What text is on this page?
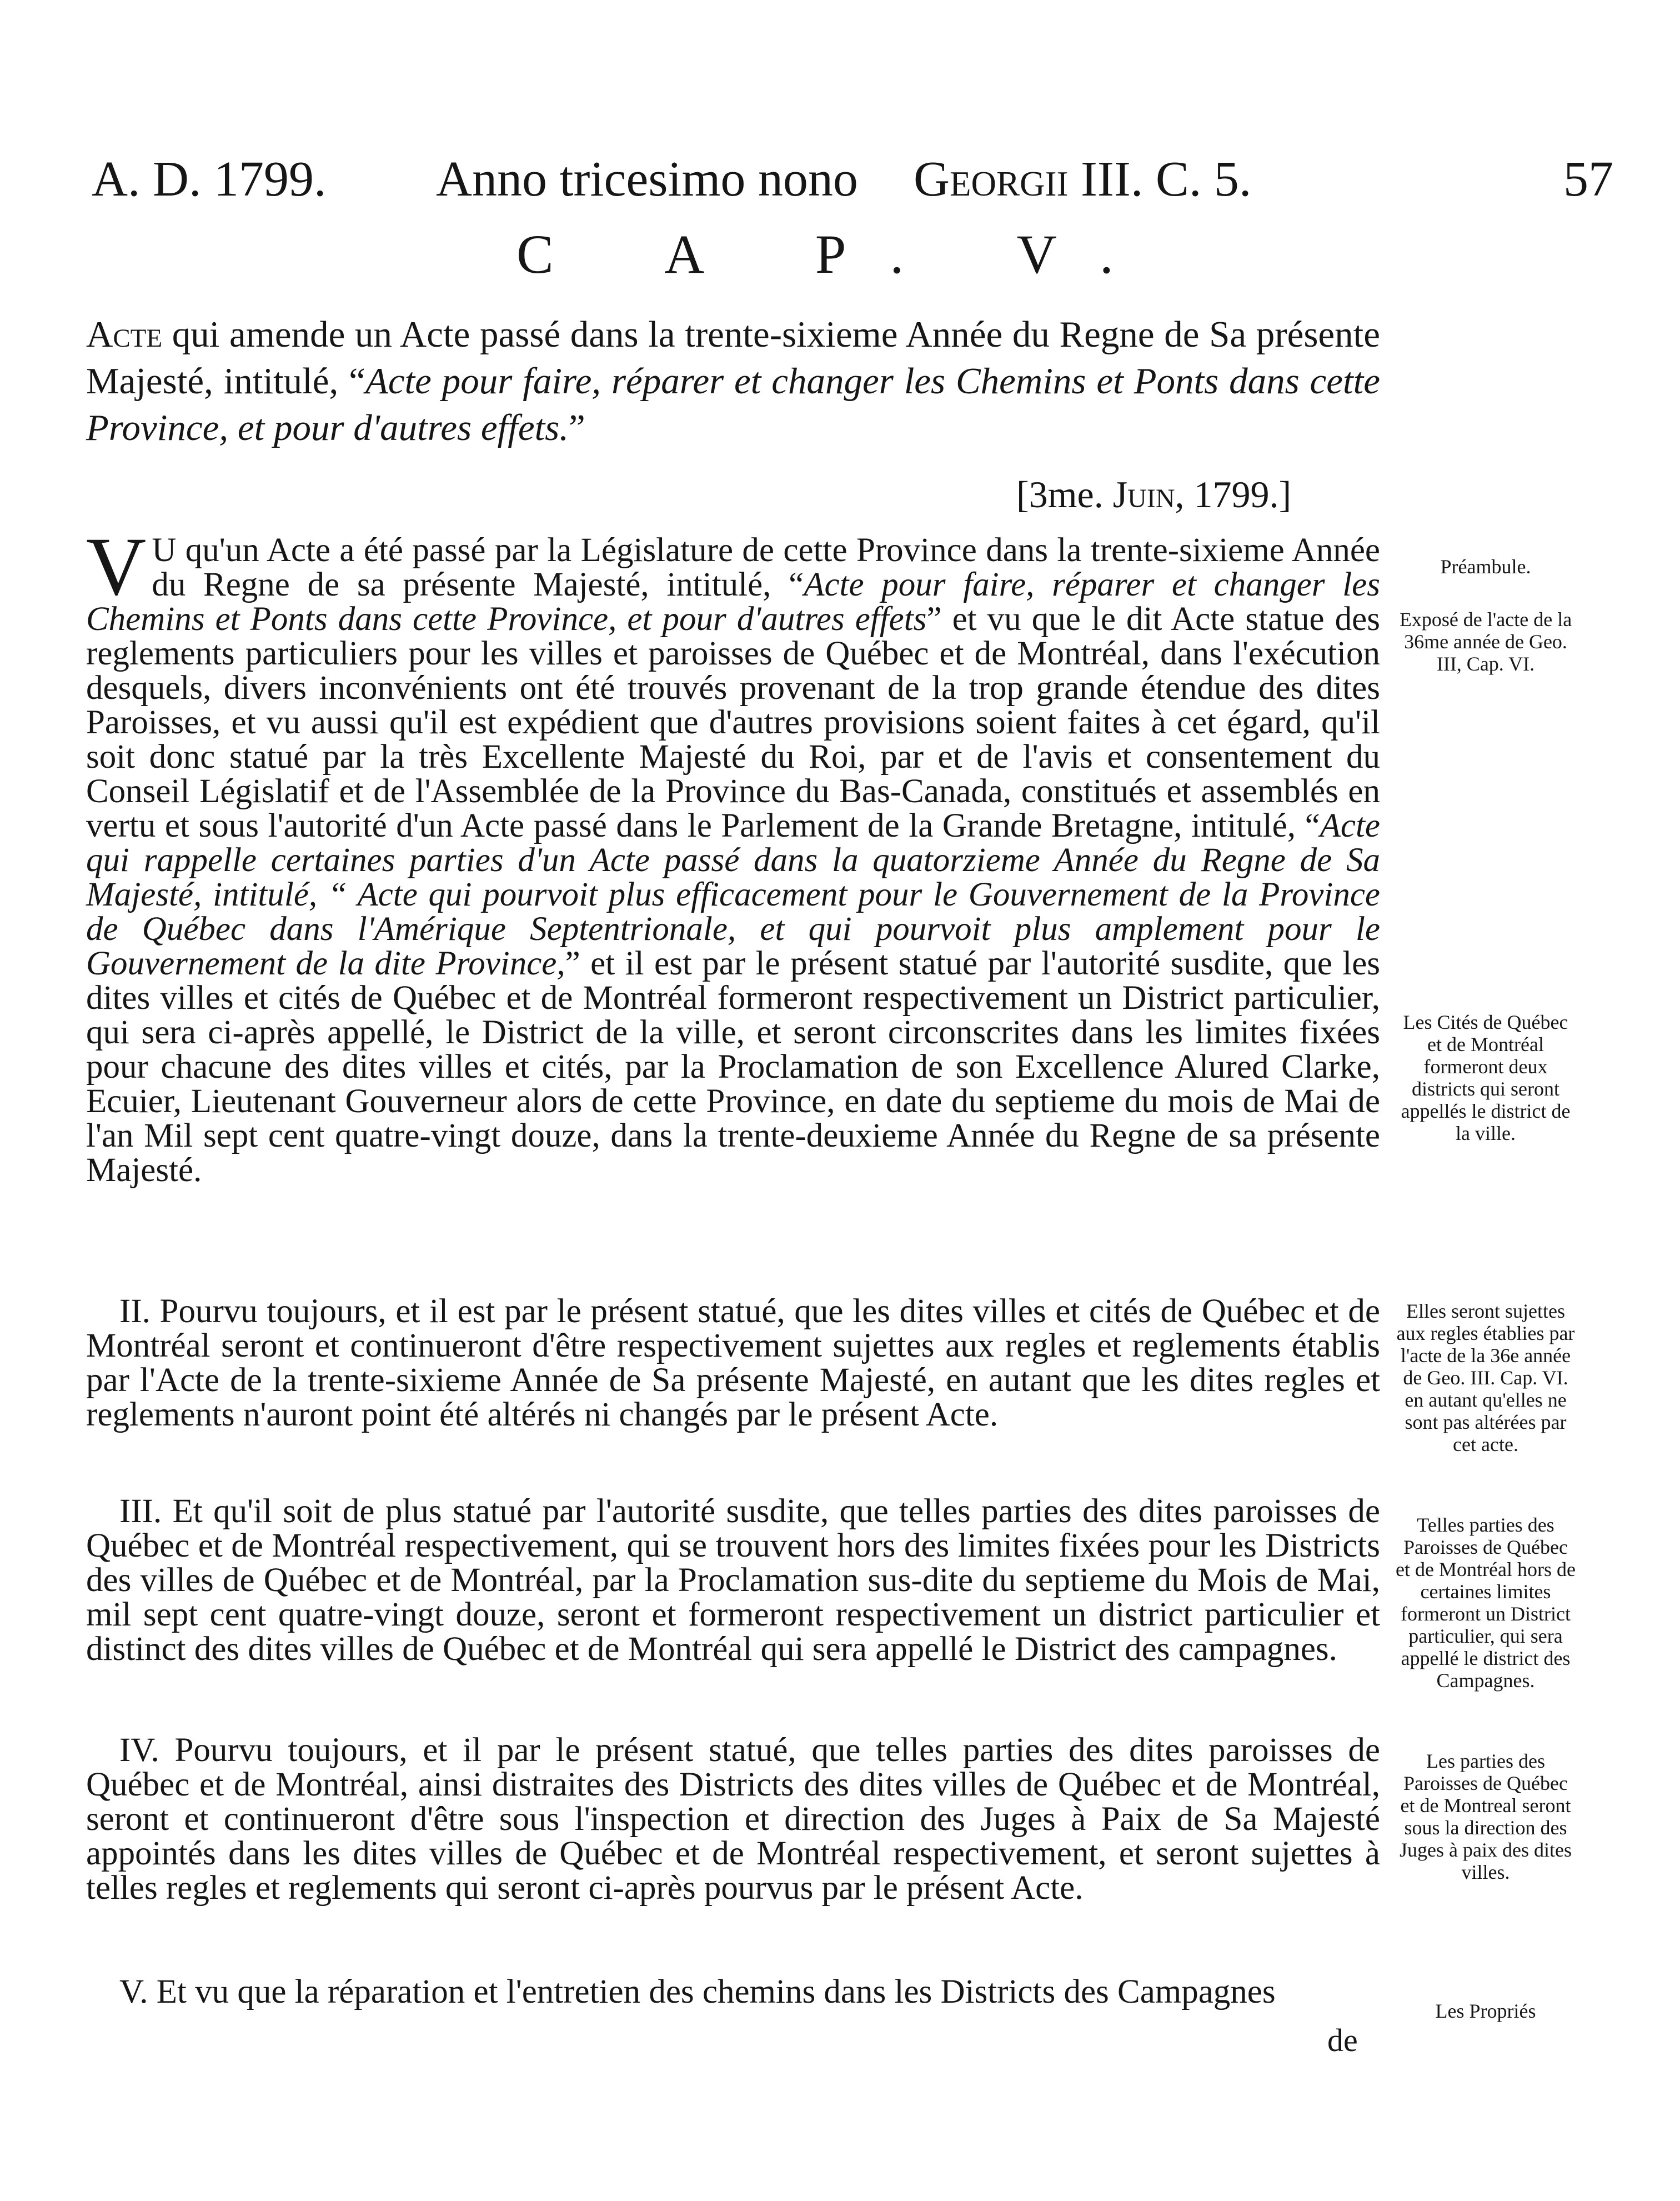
A. D. 1799. Anno tricesimo nono Georgii III. C. 5.	57
C A P. V.
Acte qui amende un Acte passé dans la trente-sixieme Année du Regne de Sa présente Majesté, intitulé, “Acte pour faire, réparer et changer les Chemins et Ponts dans cette Province, et pour d'autres effets.”
[3me. Juin, 1799.]
V U qu'un Acte a été passé par la Législature de cette Province dans la trente-sixieme Année du Regne de sa présente Majesté, intitulé, “Acte pour faire, réparer et changer les Chemins et Ponts dans cette Province, et pour d'autres effets” et vu que le dit Acte statue des reglements particuliers pour les villes et paroisses de Québec et de Montréal, dans l'exécution desquels, divers inconvénients ont été trouvés provenant de la trop grande étendue des dites Paroisses, et vu aussi qu'il est expédient que d'autres provisions soient faites à cet égard, qu'il soit donc statué par la très Excellente Majesté du Roi, par et de l'avis et consentement du Conseil Législatif et de l'Assemblée de la Province du Bas-Canada, constitués et assemblés en vertu et sous l'autorité d'un Acte passé dans le Parlement de la Grande Bretagne, intitulé, “Acte qui rappelle certaines parties d'un Acte passé dans la quatorzieme Année du Regne de Sa Majesté, intitulé, “ Acte qui pourvoit plus efficacement pour le Gouvernement de la Province de Québec dans l'Amérique Septentrionale, et qui pourvoit plus amplement pour le Gouvernement de la dite Province,” et il est par le présent statué par l'autorité susdite, que les dites villes et cités de Québec et de Montréal formeront respectivement un District particulier, qui sera ci-après appellé, le District de la ville, et seront circonscrites dans les limites fixées pour chacune des dites villes et cités, par la Proclamation de son Excellence Alured Clarke, Ecuier, Lieutenant Gouverneur alors de cette Province, en date du septieme du mois de Mai de l'an Mil sept cent quatre-vingt douze, dans la trente-deuxieme Année du Regne de sa présente Majesté.
II. Pourvu toujours, et il est par le présent statué, que les dites villes et cités de Québec et de Montréal seront et continueront d'être respectivement sujettes aux regles et reglements établis par l'Acte de la trente-sixieme Année de Sa présente Majesté, en autant que les dites regles et reglements n'auront point été altérés ni changés par le présent Acte.
III. Et qu'il soit de plus statué par l'autorité susdite, que telles parties des dites paroisses de Québec et de Montréal respectivement, qui se trouvent hors des limites fixées pour les Districts des villes de Québec et de Montréal, par la Proclamation sus-dite du septieme du Mois de Mai, mil sept cent quatre-vingt douze, seront et formeront respectivement un district particulier et distinct des dites villes de Québec et de Montréal qui sera appellé le District des campagnes.
IV. Pourvu toujours, et il par le présent statué, que telles parties des dites paroisses de Québec et de Montréal, ainsi distraites des Districts des dites villes de Québec et de Montréal, seront et continueront d'être sous l'inspection et direction des Juges à Paix de Sa Majesté appointés dans les dites villes de Québec et de Montréal respectivement, et seront sujettes à telles regles et reglements qui seront ci-après pourvus par le présent Acte.
V. Et vu que la réparation et l'entretien des chemins dans les Districts des Campagnes
de
Préambule.
Exposé de l'acte de la 36me année de Geo. III, Cap. VI.
Les Cités de Québec et de Montréal formeront deux districts qui seront appellés le district de la ville.
Elles seront sujettes aux regles établies par l'acte de la 36e année de Geo. III. Cap. VI. en autant qu'elles ne sont pas altérées par cet acte.
Telles parties des Paroisses de Québec et de Montréal hors de certaines limites formeront un District particulier, qui sera appellé le district des Campagnes.
Les parties des Paroisses de Québec et de Montreal seront sous la direction des Juges à paix des dites villes.
Les Propriés
